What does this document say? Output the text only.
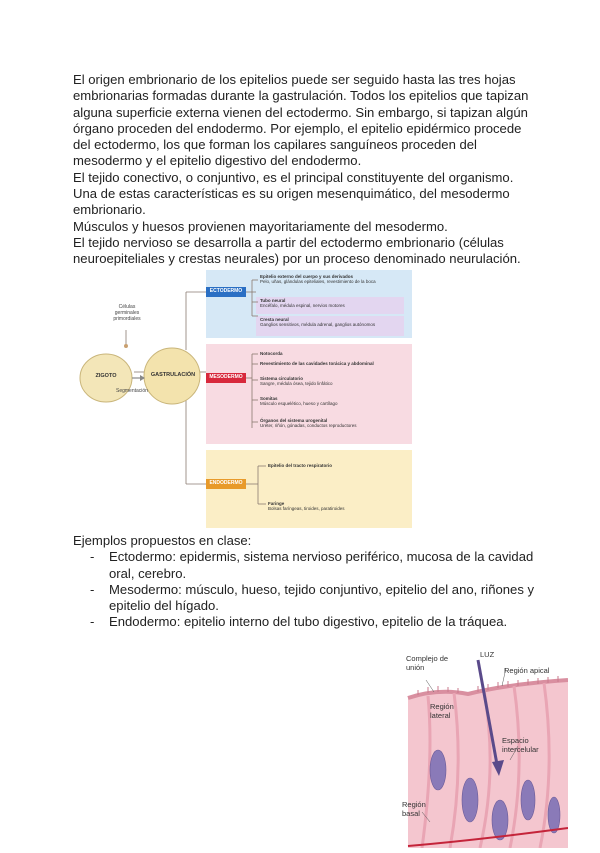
El origen embrionario de los epitelios puede ser seguido hasta las tres hojas embrionarias formadas durante la gastrulación. Todos los epitelios que tapizan alguna superficie externa vienen del ectodermo. Sin embargo, si tapizan algún órgano proceden del endodermo. Por ejemplo, el epitelio epidérmico procede del ectodermo, los que forman los capilares sanguíneos proceden del mesodermo y el epitelio digestivo del endodermo.

El tejido conectivo, o conjuntivo, es el principal constituyente del organismo. Una de estas características es su origen mesenquimático, del mesodermo embrionario.

Músculos y huesos provienen mayoritariamente del mesodermo.

El tejido nervioso se desarrolla a partir del ectodermo embrionario (células neuroepiteliales y crestas neurales) por un proceso denominado neurulación.

ZIGOTO	GASTRULACIÓN
Segmentación
Células germinales primordiales
ECTODERMO
MESODERMO
ENDODERMO
Epitelio externo del cuerpo y sus derivados
Pelo, uñas, glándulas epiteliales, revestimiento de la boca
Tubo neural
Encéfalo, médula espinal, nervios motores
Cresta neural
Ganglios sensitivos, médula adrenal, ganglios autónomos
Notocorda
Revestimiento de las cavidades torácica y abdominal
Sistema circulatorio
Sangre, médula ósea, tejido linfático
Somitas
Músculo esquelético, hueso y cartílago
Órganos del sistema urogenital
Uréter, riñón, gónadas, conductos reproductores
Epitelio del tracto respiratorio
Faringe
Bolsas faríngeas, tiroides, paratiroides
Ejemplos propuestos en clase:
- Ectodermo: epidermis, sistema nervioso periférico, mucosa de la cavidad oral, cerebro.
- Mesodermo: músculo, hueso, tejido conjuntivo, epitelio del ano, riñones y epitelio del hígado.
- Endodermo: epitelio interno del tubo digestivo, epitelio de la tráquea.
Complejo de unión
LUZ
Región apical
Región lateral
Espacio intercelular
Región basal
